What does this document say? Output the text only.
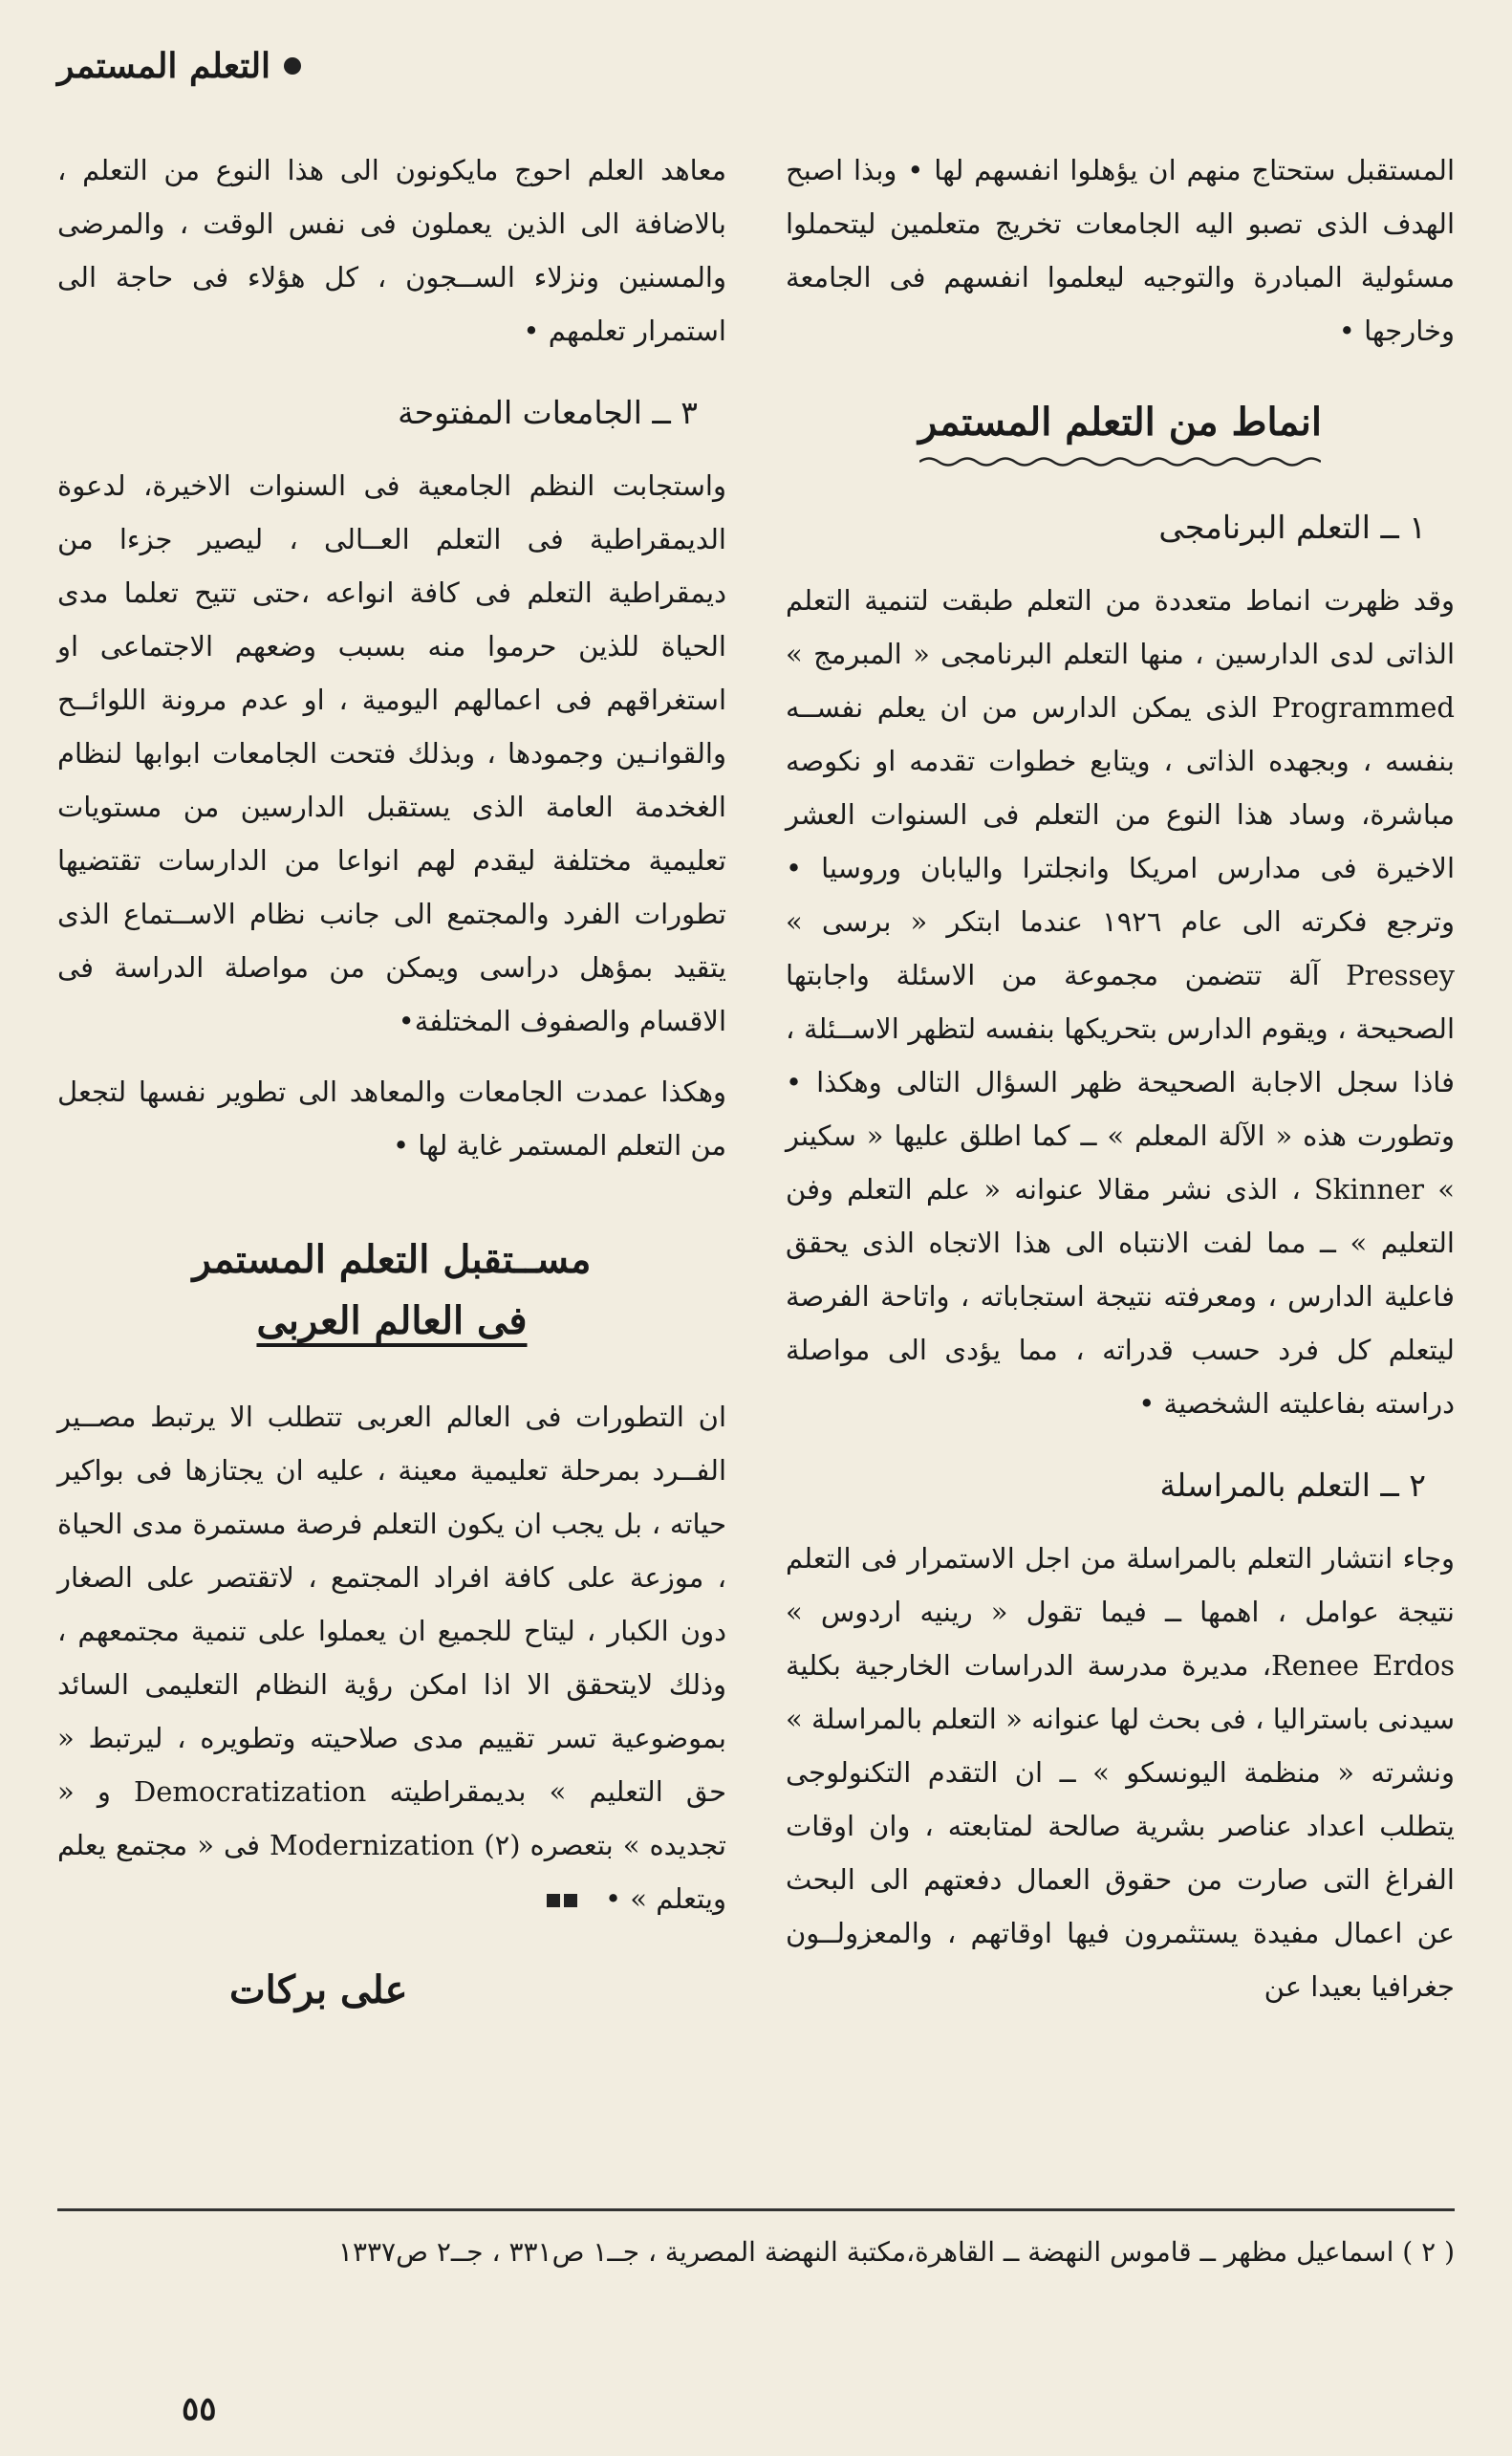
التعلم المستمر

المستقبل ستحتاج منهم ان يؤهلوا انفسهم لها • وبذا اصبح الهدف الذى تصبو اليه الجامعات تخريج متعلمين ليتحملوا مسئولية المبادرة والتوجيه ليعلموا انفسهم فى الجامعة وخارجها •

انماط من التعلم المستمر
١ ــ التعلم البرنامجى

وقد ظهرت انماط متعددة من التعلم طبقت لتنمية التعلم الذاتى لدى الدارسين ، منها التعلم البرنامجى « المبرمج » Programmed الذى يمكن الدارس من ان يعلم نفســه بنفسه ، وبجهده الذاتى ، ويتابع خطوات تقدمه او نكوصه مباشرة، وساد هذا النوع من التعلم فى السنوات العشر الاخيرة فى مدارس امريكا وانجلترا واليابان وروسيا • وترجع فكرته الى عام ١٩٢٦ عندما ابتكر « برسى » Pressey آلة تتضمن مجموعة من الاسئلة واجابتها الصحيحة ، ويقوم الدارس بتحريكها بنفسه لتظهر الاســئلة ، فاذا سجل الاجابة الصحيحة ظهر السؤال التالى وهكذا • وتطورت هذه « الآلة المعلم » ــ كما اطلق عليها « سكينر » Skinner ، الذى نشر مقالا عنوانه « علم التعلم وفن التعليم » ــ مما لفت الانتباه الى هذا الاتجاه الذى يحقق فاعلية الدارس ، ومعرفته نتيجة استجاباته ، واتاحة الفرصة ليتعلم كل فرد حسب قدراته ، مما يؤدى الى مواصلة دراسته بفاعليته الشخصية •

٢ ــ التعلم بالمراسلة

وجاء انتشار التعلم بالمراسلة من اجل الاستمرار فى التعلم نتيجة عوامل ، اهمها ــ فيما تقول « رينيه اردوس » Renee Erdos، مديرة مدرسة الدراسات الخارجية بكلية سيدنى باستراليا ، فى بحث لها عنوانه « التعلم بالمراسلة » ونشرته « منظمة اليونسكو » ــ ان التقدم التكنولوجى يتطلب اعداد عناصر بشرية صالحة لمتابعته ، وان اوقات الفراغ التى صارت من حقوق العمال دفعتهم الى البحث عن اعمال مفيدة يستثمرون فيها اوقاتهم ، والمعزولــون جغرافيا بعيدا عن

معاهد العلم احوج مايكونون الى هذا النوع من التعلم ، بالاضافة الى الذين يعملون فى نفس الوقت ، والمرضى والمسنين ونزلاء الســجون ، كل هؤلاء فى حاجة الى استمرار تعلمهم •

٣ ــ الجامعات المفتوحة

واستجابت النظم الجامعية فى السنوات الاخيرة، لدعوة الديمقراطية فى التعلم العــالى ، ليصير جزءا من ديمقراطية التعلم فى كافة انواعه ،حتى تتيح تعلما مدى الحياة للذين حرموا منه بسبب وضعهم الاجتماعى او استغراقهم فى اعمالهم اليومية ، او عدم مرونة اللوائــح والقوانـين وجمودها ، وبذلك فتحت الجامعات ابوابها لنظام الغخدمة العامة الذى يستقبل الدارسين من مستويات تعليمية مختلفة ليقدم لهم انواعا من الدارسات تقتضيها تطورات الفرد والمجتمع الى جانب نظام الاســتماع الذى يتقيد بمؤهل دراسى ويمكن من مواصلة الدراسة فى الاقسام والصفوف المختلفة•

وهكذا عمدت الجامعات والمعاهد الى تطوير نفسها لتجعل من التعلم المستمر غاية لها •

مســتقبل التعلم المستمر
فى العالم العربى

ان التطورات فى العالم العربى تتطلب الا يرتبط مصــير الفــرد بمرحلة تعليمية معينة ، عليه ان يجتازها فى بواكير حياته ، بل يجب ان يكون التعلم فرصة مستمرة مدى الحياة ، موزعة على كافة افراد المجتمع ، لاتقتصر على الصغار دون الكبار ، ليتاح للجميع ان يعملوا على تنمية مجتمعهم ، وذلك لايتحقق الا اذا امكن رؤية النظام التعليمى السائد بموضوعية تسر تقييم مدى صلاحيته وتطويره ، ليرتبط « حق التعليم » بديمقراطيته Democratization و « تجديده » بتعصره (٢) Modernization فى « مجتمع يعلم ويتعلم » •

على بركات
( ٢ ) اسماعيل مظهر ــ قاموس النهضة ــ القاهرة،مكتبة النهضة المصرية ، جــ١ ص٣٣١ ، جــ٢ ص١٣٣٧
٥٥
